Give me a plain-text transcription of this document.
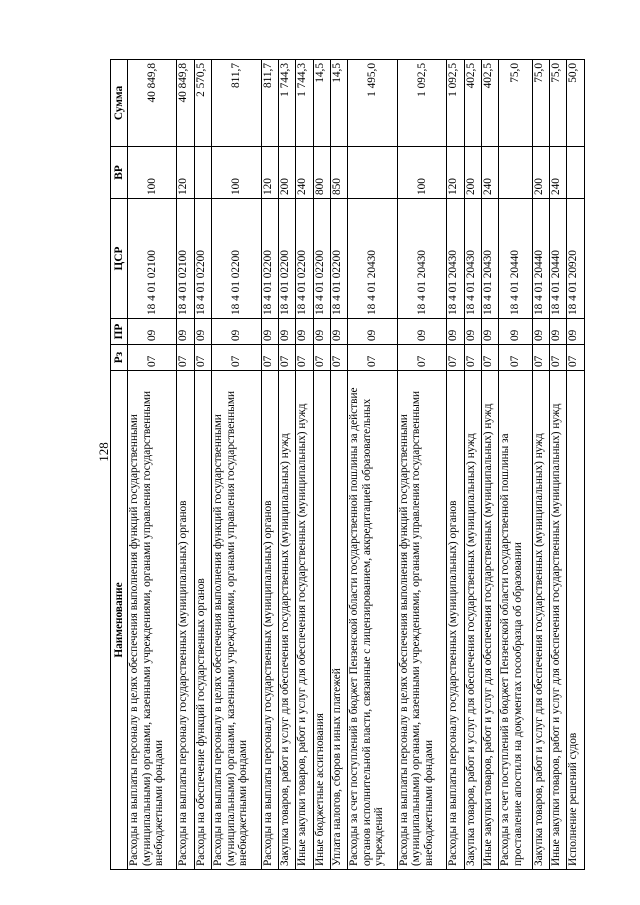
128
Наименование	Рз	ПР	ЦСР	ВР	Сумма
Расходы на выплаты персоналу в целях обеспечения выполнения функций государственными (муниципальными) органами, казенными учреждениями, органами управления государственными внебюджетными фондами	07	09	18 4 01 02100	100	40 849,8
Расходы на выплаты персоналу государственных (муниципальных) органов	07	09	18 4 01 02100	120	40 849,8
Расходы на обеспечение функций государственных органов	07	09	18 4 01 02200		2 570,5
Расходы на выплаты персоналу в целях обеспечения выполнения функций государственными (муниципальными) органами, казенными учреждениями, органами управления государственными внебюджетными фондами	07	09	18 4 01 02200	100	811,7
Расходы на выплаты персоналу государственных (муниципальных) органов	07	09	18 4 01 02200	120	811,7
Закупка товаров, работ и услуг для обеспечения государственных (муниципальных) нужд	07	09	18 4 01 02200	200	1 744,3
Иные закупки товаров, работ и услуг для обеспечения государственных (муниципальных) нужд	07	09	18 4 01 02200	240	1 744,3
Иные бюджетные ассигнования	07	09	18 4 01 02200	800	14,5
Уплата налогов, сборов и иных платежей	07	09	18 4 01 02200	850	14,5
Расходы за счет поступлений в бюджет Пензенской области государственной пошлины за действие органов исполнительной власти, связанные с лицензированием, аккредитацией образовательных учреждений	07	09	18 4 01 20430		1 495,0
Расходы на выплаты персоналу в целях обеспечения выполнения функций государственными (муниципальными) органами, казенными учреждениями, органами управления государственными внебюджетными фондами	07	09	18 4 01 20430	100	1 092,5
Расходы на выплаты персоналу государственных (муниципальных) органов	07	09	18 4 01 20430	120	1 092,5
Закупка товаров, работ и услуг для обеспечения государственных (муниципальных) нужд	07	09	18 4 01 20430	200	402,5
Иные закупки товаров, работ и услуг для обеспечения государственных (муниципальных) нужд	07	09	18 4 01 20430	240	402,5
Расходы за счет поступлений в бюджет Пензенской области государственной пошлины за проставление апостиля на документах госообразца об образовании	07	09	18 4 01 20440		75,0
Закупка товаров, работ и услуг для обеспечения государственных (муниципальных) нужд	07	09	18 4 01 20440	200	75,0
Иные закупки товаров, работ и услуг для обеспечения государственных (муниципальных) нужд	07	09	18 4 01 20440	240	75,0
Исполнение решений судов	07	09	18 4 01 20920		50,0
